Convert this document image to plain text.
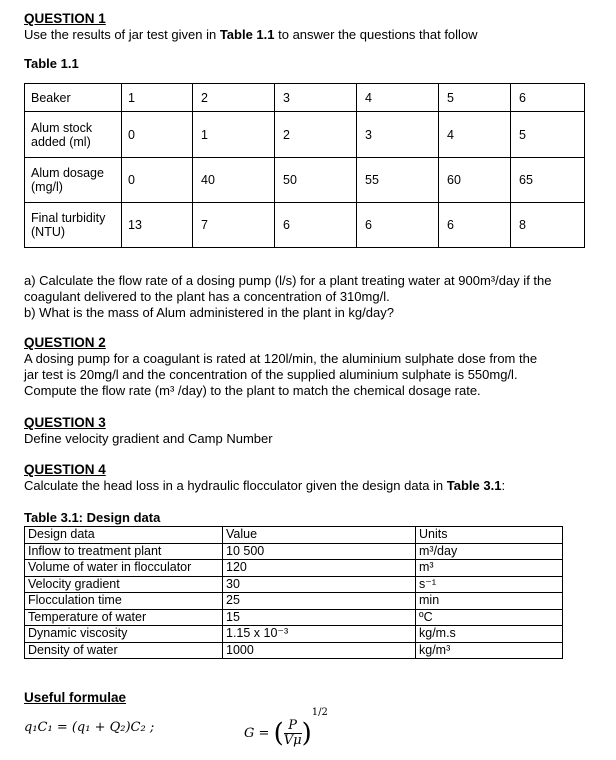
QUESTION 1
Use the results of jar test given in Table 1.1 to answer the questions that follow
Table 1.1
Beaker	1	2	3	4	5	6

Alum stock
added (ml)	0	1	2	3	4	5

Alum dosage
(mg/l)	0	40	50	55	60	65

Final turbidity
(NTU)	13	7	6	6	6	8
a) Calculate the flow rate of a dosing pump (l/s) for a plant treating water at 900m³/day if the
coagulant delivered to the plant has a concentration of 310mg/l.
b) What is the mass of Alum administered in the plant in kg/day?
QUESTION 2
A dosing pump for a coagulant is rated at 120l/min, the aluminium sulphate dose from the
jar test is 20mg/l and the concentration of the supplied aluminium sulphate is 550mg/l.
Compute the flow rate (m³ /day) to the plant to match the chemical dosage rate.
QUESTION 3
Define velocity gradient and Camp Number
QUESTION 4
Calculate the head loss in a hydraulic flocculator given the design data in Table 3.1:
Table 3.1: Design data
Design data	Value	Units
Inflow to treatment plant	10 500	m³/day
Volume of water in flocculator	120	m³
Velocity gradient	30	s⁻¹
Flocculation time	25	min
Temperature of water	15	ºC
Dynamic viscosity	1.15 x 10⁻³	kg/m.s
Density of water	1000	kg/m³
Useful formulae
q₁C₁ = (q₁ + Q₂)C₂ ;	G = ( $\frac{P}{V\mu} )^{1/2}$
